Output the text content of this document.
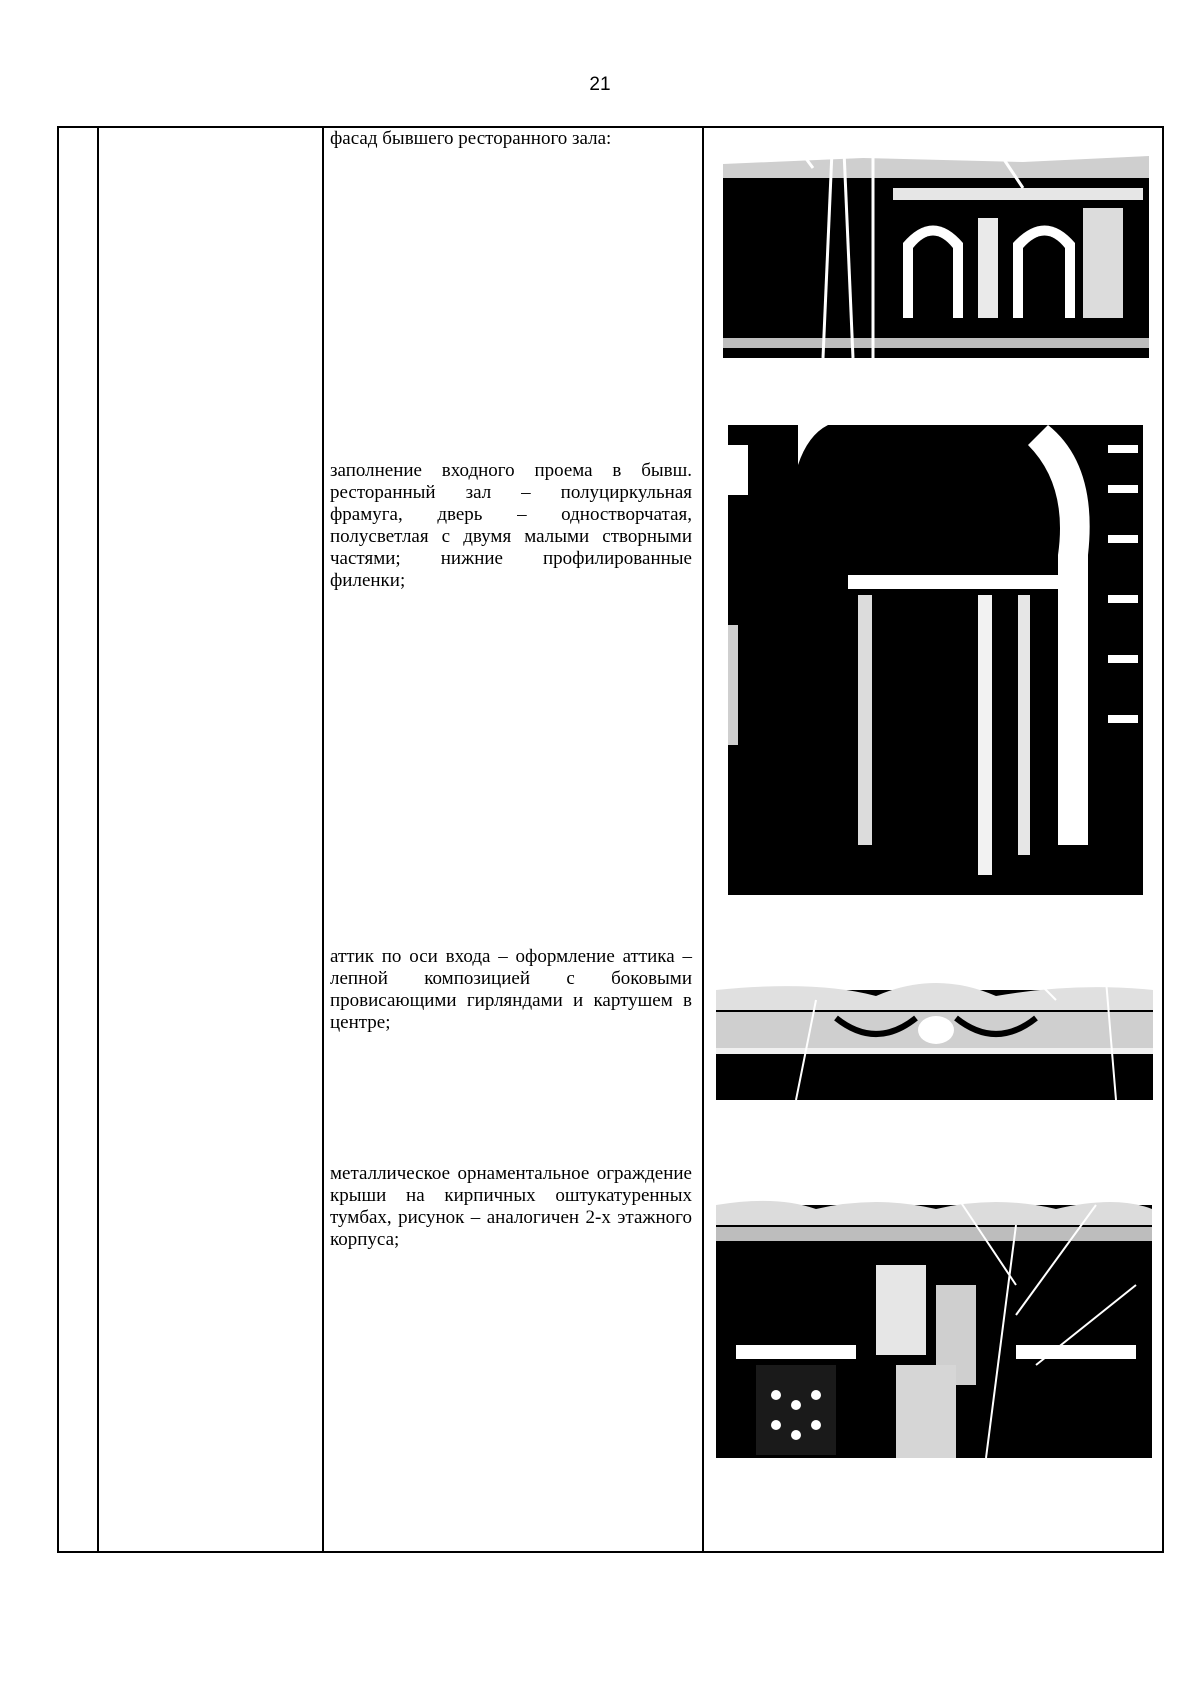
21
фасад бывшего ресторанного зала:
заполнение входного проема в бывш. ресторанный зал – полуциркульная фрамуга, дверь – одностворчатая, полусветлая с двумя малыми створными частями; нижние профилированные филенки;
аттик по оси входа – оформление аттика – лепной композицией с боковыми провисающими гирляндами и картушем в центре;
металлическое орнаментальное ограждение крыши на кирпичных оштукатуренных тумбах, рисунок – аналогичен 2-х этажного корпуса;
